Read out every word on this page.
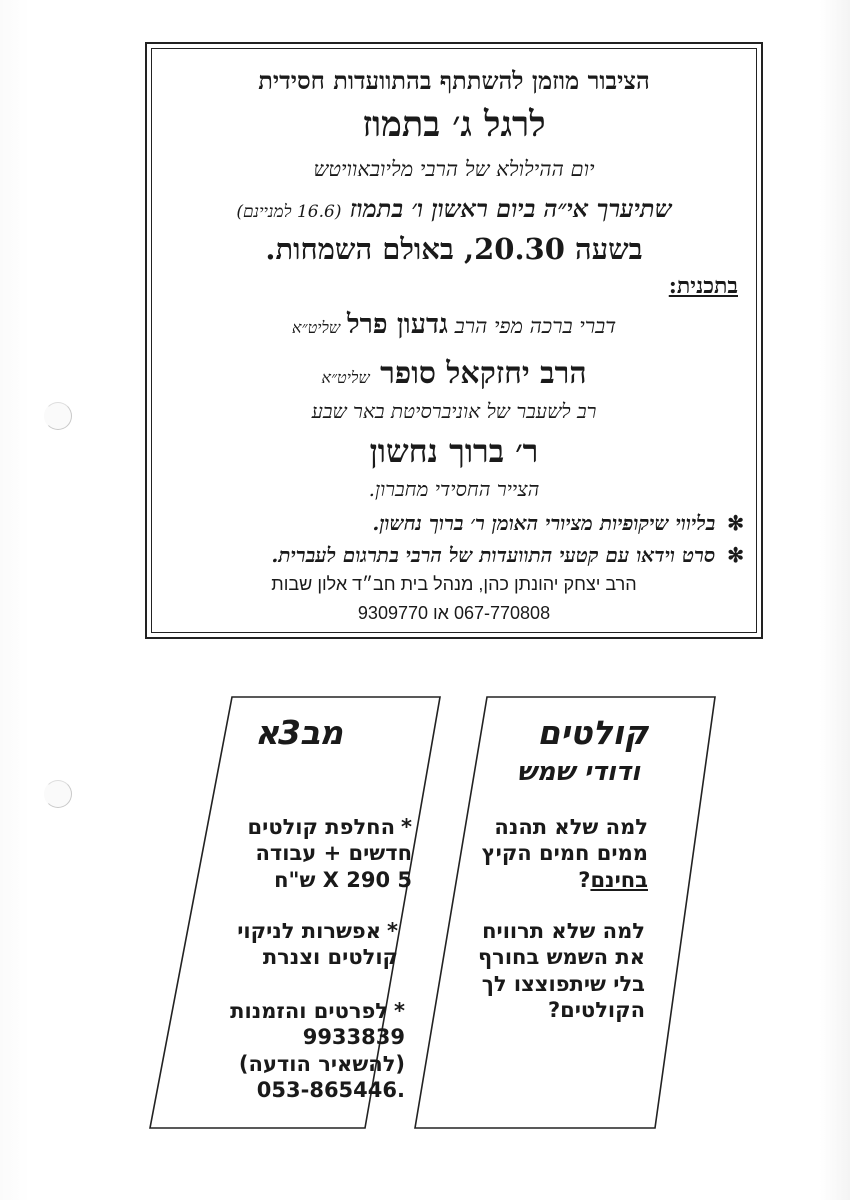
הציבור מוזמן להשתתף בהתוועדות חסידית
לרגל ג׳ בתמוז
יום ההילולא של הרבי מליובאוויטש
שתיערך אי״ה ביום ראשון ו׳ בתמוז (16.6 למניינם)
בשעה 20.30, באולם השמחות.
בתכנית:
דברי ברכה מפי הרב גדעון פרל שליט״א
הרב יחזקאל סופר שליט״א
רב לשעבר של אוניברסיטת באר שבע
ר׳ ברוך נחשון
הצייר החסידי מחברון.
✻בליווי שיקופיות מציורי האומן ר׳ ברוך נחשון.
✻סרט וידאו עם קטעי התוועדות של הרבי בתרגום לעברית.
הרב יצחק יהונתן כהן, מנהל בית חב״ד אלון שבות
067-770808 או 9309770
מב3א
*החלפת קולטים
חדשים + עבודה
5 X 290 ש"ח
*אפשרות לניקוי
קולטים וצנרת
*לפרטים והזמנות
9933839
(להשאיר הודעה)
.053-865446
קולטים
ודודי שמש
למה שלא תהנה
ממים חמים הקיץ
בחינם?
למה שלא תרוויח
את השמש בחורף
בלי שיתפוצצו לך
הקולטים?
